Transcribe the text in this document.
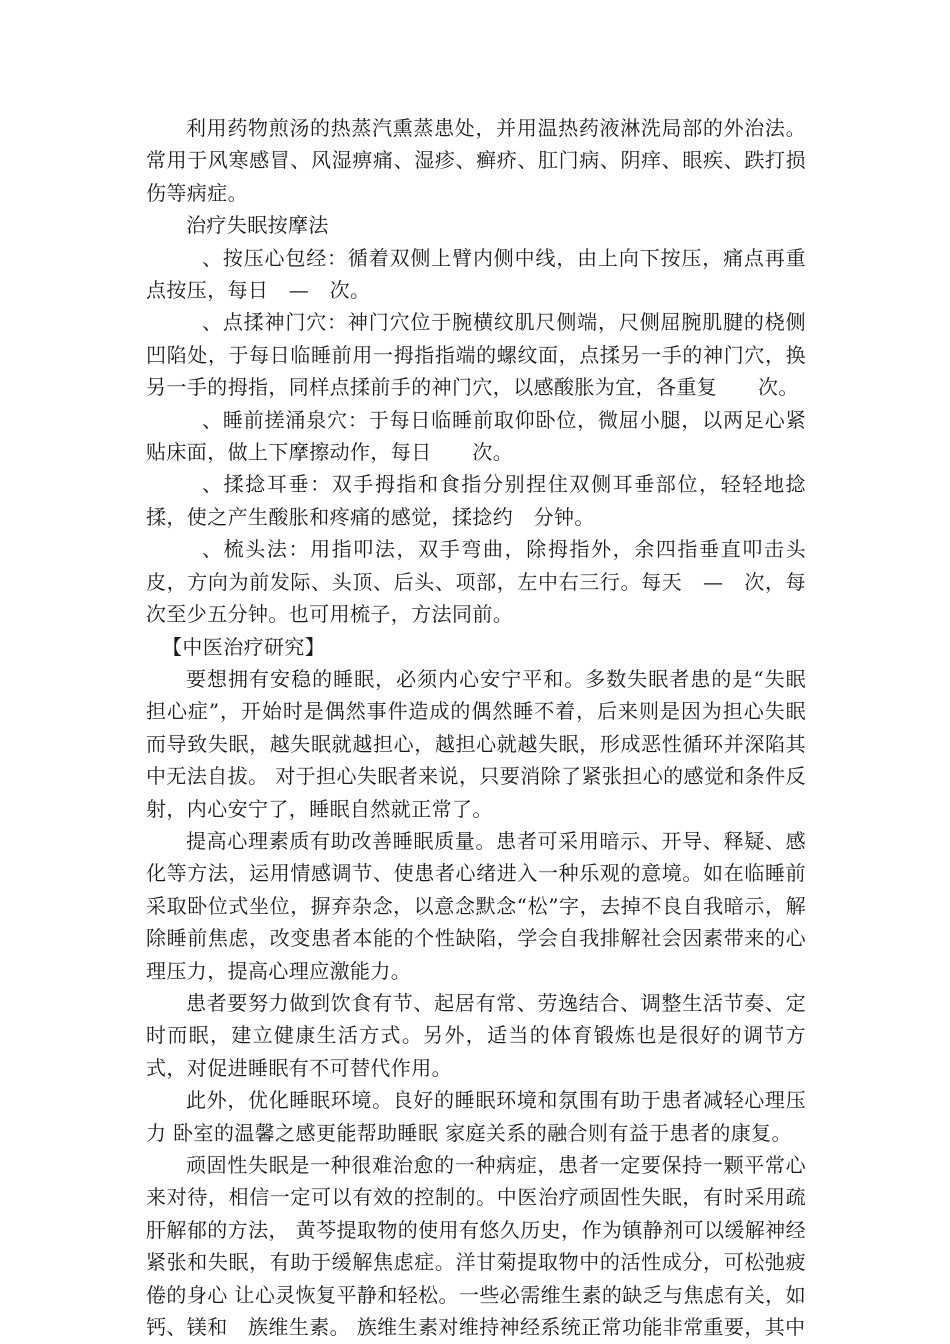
利用药物煎汤的热蒸汽熏蒸患处，并用温热药液淋洗局部的外治法。常用于风寒感冒、风湿痹痛、湿疹、癣疥、肛门病、阴痒、眼疾、跌打损伤等病症。

治疗失眠按摩法

、按压心包经：循着双侧上臂内侧中线，由上向下按压，痛点再重点按压，每日　—　次。

、点揉神门穴：神门穴位于腕横纹肌尺侧端，尺侧屈腕肌腱的桡侧凹陷处，于每日临睡前用一拇指指端的螺纹面，点揉另一手的神门穴，换另一手的拇指，同样点揉前手的神门穴，以感酸胀为宜，各重复　　次。

、睡前搓涌泉穴：于每日临睡前取仰卧位，微屈小腿，以两足心紧贴床面，做上下摩擦动作，每日　　次。

、揉捻耳垂：双手拇指和食指分别捏住双侧耳垂部位，轻轻地捻揉，使之产生酸胀和疼痛的感觉，揉捻约　分钟。

、梳头法：用指叩法，双手弯曲，除拇指外，余四指垂直叩击头皮，方向为前发际、头顶、后头、项部，左中右三行。每天　—　次，每次至少五分钟。也可用梳子，方法同前。

【中医治疗研究】

要想拥有安稳的睡眠，必须内心安宁平和。多数失眠者患的是“失眠担心症”，开始时是偶然事件造成的偶然睡不着，后来则是因为担心失眠而导致失眠，越失眠就越担心，越担心就越失眠，形成恶性循环并深陷其中无法自拔。 对于担心失眠者来说，只要消除了紧张担心的感觉和条件反射，内心安宁了，睡眠自然就正常了。

提高心理素质有助改善睡眠质量。患者可采用暗示、开导、释疑、感化等方法，运用情感调节、使患者心绪进入一种乐观的意境。如在临睡前采取卧位式坐位，摒弃杂念，以意念默念“松”字，去掉不良自我暗示，解除睡前焦虑，改变患者本能的个性缺陷，学会自我排解社会因素带来的心理压力，提高心理应激能力。

患者要努力做到饮食有节、起居有常、劳逸结合、调整生活节奏、定时而眠，建立健康生活方式。另外，适当的体育锻炼也是很好的调节方式，对促进睡眠有不可替代作用。

此外，优化睡眠环境。良好的睡眠环境和氛围有助于患者减轻心理压力 卧室的温馨之感更能帮助睡眠 家庭关系的融合则有益于患者的康复。

顽固性失眠是一种很难治愈的一种病症，患者一定要保持一颗平常心来对待，相信一定可以有效的控制的。中医治疗顽固性失眠，有时采用疏肝解郁的方法， 黄芩提取物的使用有悠久历史，作为镇静剂可以缓解神经紧张和失眠，有助于缓解焦虑症。洋甘菊提取物中的活性成分，可松弛疲倦的身心 让心灵恢复平静和轻松。一些必需维生素的缺乏与焦虑有关，如钙、镁和　族维生素。 族维生素对维持神经系统正常功能非常重要，其中
